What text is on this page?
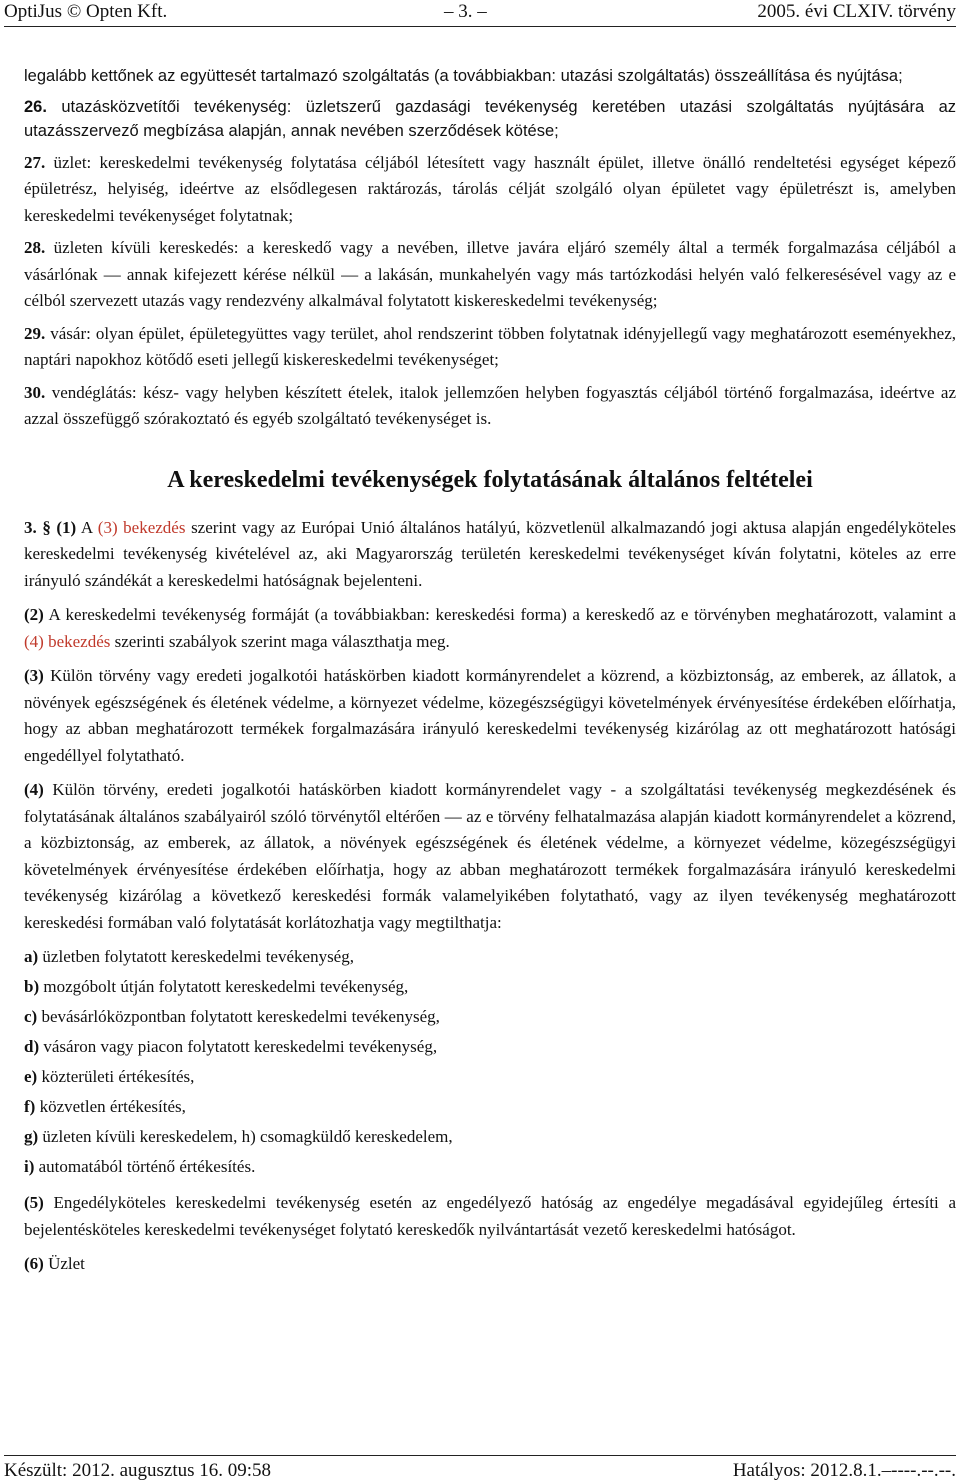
OptiJus © Opten Kft.	– 3. –	2005. évi CLXIV. törvény

legalább kettőnek az együttesét tartalmazó szolgáltatás (a továbbiakban: utazási szolgáltatás) összeállítása és nyújtása;

26. utazásközvetítői tevékenység: üzletszerű gazdasági tevékenység keretében utazási szolgáltatás nyújtására az utazásszervező megbízása alapján, annak nevében szerződések kötése;

27. üzlet: kereskedelmi tevékenység folytatása céljából létesített vagy használt épület, illetve önálló rendeltetési egységet képező épületrész, helyiség, ideértve az elsődlegesen raktározás, tárolás célját szolgáló olyan épületet vagy épületrészt is, amelyben kereskedelmi tevékenységet folytatnak;

28. üzleten kívüli kereskedés: a kereskedő vagy a nevében, illetve javára eljáró személy által a termék forgalmazása céljából a vásárlónak — annak kifejezett kérése nélkül — a lakásán, munkahelyén vagy más tartózkodási helyén való felkeresésével vagy az e célból szervezett utazás vagy rendezvény alkalmával folytatott kiskereskedelmi tevékenység;

29. vásár: olyan épület, épületegyüttes vagy terület, ahol rendszerint többen folytatnak idényjellegű vagy meghatározott eseményekhez, naptári napokhoz kötődő eseti jellegű kiskereskedelmi tevékenységet;

30. vendéglátás: kész- vagy helyben készített ételek, italok jellemzően helyben fogyasztás céljából történő forgalmazása, ideértve az azzal összefüggő szórakoztató és egyéb szolgáltató tevékenységet is.

A kereskedelmi tevékenységek folytatásának általános feltételei

3. § (1) A (3) bekezdés szerint vagy az Európai Unió általános hatályú, közvetlenül alkalmazandó jogi aktusa alapján engedélyköteles kereskedelmi tevékenység kivételével az, aki Magyarország területén kereskedelmi tevékenységet kíván folytatni, köteles az erre irányuló szándékát a kereskedelmi hatóságnak bejelenteni.

(2) A kereskedelmi tevékenység formáját (a továbbiakban: kereskedési forma) a kereskedő az e törvényben meghatározott, valamint a (4) bekezdés szerinti szabályok szerint maga választhatja meg.

(3) Külön törvény vagy eredeti jogalkotói hatáskörben kiadott kormányrendelet a közrend, a közbiztonság, az emberek, az állatok, a növények egészségének és életének védelme, a környezet védelme, közegészségügyi követelmények érvényesítése érdekében előírhatja, hogy az abban meghatározott termékek forgalmazására irányuló kereskedelmi tevékenység kizárólag az ott meghatározott hatósági engedéllyel folytatható.

(4) Külön törvény, eredeti jogalkotói hatáskörben kiadott kormányrendelet vagy - a szolgáltatási tevékenység megkezdésének és folytatásának általános szabályairól szóló törvénytől eltérően — az e törvény felhatalmazása alapján kiadott kormányrendelet a közrend, a közbiztonság, az emberek, az állatok, a növények egészségének és életének védelme, a környezet védelme, közegészségügyi követelmények érvényesítése érdekében előírhatja, hogy az abban meghatározott termékek forgalmazására irányuló kereskedelmi tevékenység kizárólag a következő kereskedési formák valamelyikében folytatható, vagy az ilyen tevékenység meghatározott kereskedési formában való folytatását korlátozhatja vagy megtilthatja:

a) üzletben folytatott kereskedelmi tevékenység,
b) mozgóbolt útján folytatott kereskedelmi tevékenység,
c) bevásárlóközpontban folytatott kereskedelmi tevékenység,
d) vásáron vagy piacon folytatott kereskedelmi tevékenység,
e) közterületi értékesítés,
f) közvetlen értékesítés,
g) üzleten kívüli kereskedelem, h) csomagküldő kereskedelem,
i) automatából történő értékesítés.

(5) Engedélyköteles kereskedelmi tevékenység esetén az engedélyező hatóság az engedélye megadásával egyidejűleg értesíti a bejelentésköteles kereskedelmi tevékenységet folytató kereskedők nyilvántartását vezető kereskedelmi hatóságot.

(6) Üzlet

Készült: 2012. augusztus 16. 09:58	Hatályos: 2012.8.1.–----.--.--.
